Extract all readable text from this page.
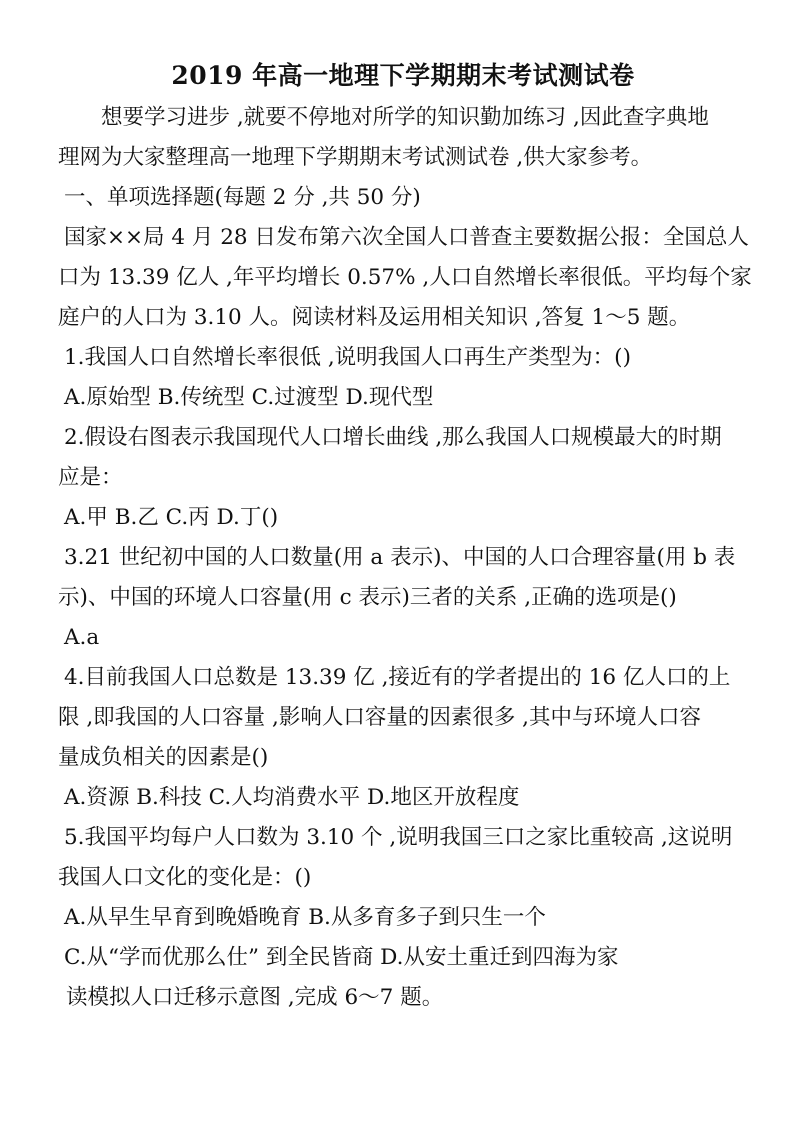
2019 年高一地理下学期期末考试测试卷
想要学习进步 ,就要不停地对所学的知识勤加练习 ,因此查字典地
理网为大家整理高一地理下学期期末考试测试卷 ,供大家参考。
一、单项选择题(每题 2 分 ,共 50 分)
国家××局 4 月 28 日发布第六次全国人口普查主要数据公报：全国总人
口为 13.39 亿人 ,年平均增长 0.57% ,人口自然增长率很低。平均每个家
庭户的人口为 3.10 人。阅读材料及运用相关知识 ,答复 1～5 题。
1.我国人口自然增长率很低 ,说明我国人口再生产类型为：()
A.原始型 B.传统型 C.过渡型 D.现代型
2.假设右图表示我国现代人口增长曲线 ,那么我国人口规模最大的时期
应是：
A.甲 B.乙 C.丙 D.丁()
3.21 世纪初中国的人口数量(用 a 表示)、中国的人口合理容量(用 b 表
示)、中国的环境人口容量(用 c 表示)三者的关系 ,正确的选项是()
A.a
4.目前我国人口总数是 13.39 亿 ,接近有的学者提出的 16 亿人口的上
限 ,即我国的人口容量 ,影响人口容量的因素很多 ,其中与环境人口容
量成负相关的因素是()
A.资源 B.科技 C.人均消费水平 D.地区开放程度
5.我国平均每户人口数为 3.10 个 ,说明我国三口之家比重较高 ,这说明
我国人口文化的变化是：()
A.从早生早育到晚婚晚育 B.从多育多子到只生一个
C.从“学而优那么仕” 到全民皆商 D.从安土重迁到四海为家
读模拟人口迁移示意图 ,完成 6～7 题。
